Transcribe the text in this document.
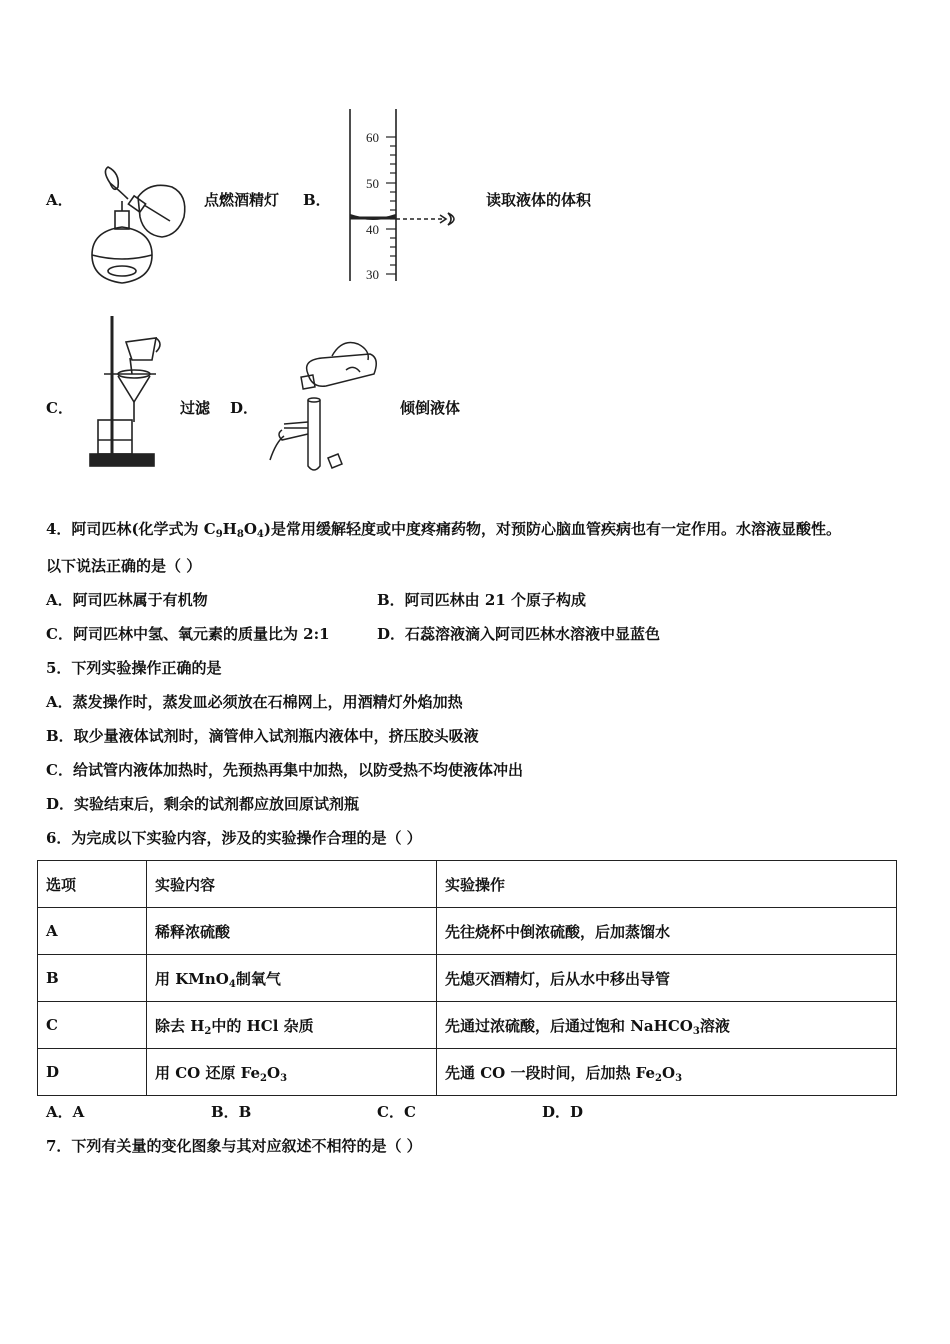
A．	点燃酒精灯 B．
60
50
40
30
读取液体的体积
C．	过滤 D．	倾倒液体
4．阿司匹林(化学式为 $C_9H_8O_4$)是常用缓解轻度或中度疼痛药物，对预防心脑血管疾病也有一定作用。水溶液显酸性。
以下说法正确的是（ ）
A．阿司匹林属于有机物	B．阿司匹林由 21 个原子构成
C．阿司匹林中氢、氧元素的质量比为 2:1	D．石蕊溶液滴入阿司匹林水溶液中显蓝色
5．下列实验操作正确的是
A．蒸发操作时，蒸发皿必须放在石棉网上，用酒精灯外焰加热
B．取少量液体试剂时，滴管伸入试剂瓶内液体中，挤压胶头吸液
C．给试管内液体加热时，先预热再集中加热，以防受热不均使液体冲出
D．实验结束后，剩余的试剂都应放回原试剂瓶
6．为完成以下实验内容，涉及的实验操作合理的是（ ）
选项	实验内容	实验操作
A	稀释浓硫酸	先往烧杯中倒浓硫酸，后加蒸馏水
B	用 KMnO$_4$制氧气	先熄灭酒精灯，后从水中移出导管
C	除去 $H_2$中的 HCl 杂质	先通过浓硫酸，后通过饱和 NaHCO$_3$溶液
D	用 CO 还原 $Fe_2O_3$	先通 CO 一段时间，后加热 $Fe_2O_3$
A．A	B．B	C．C	D．D
7．下列有关量的变化图象与其对应叙述不相符的是（ ）
